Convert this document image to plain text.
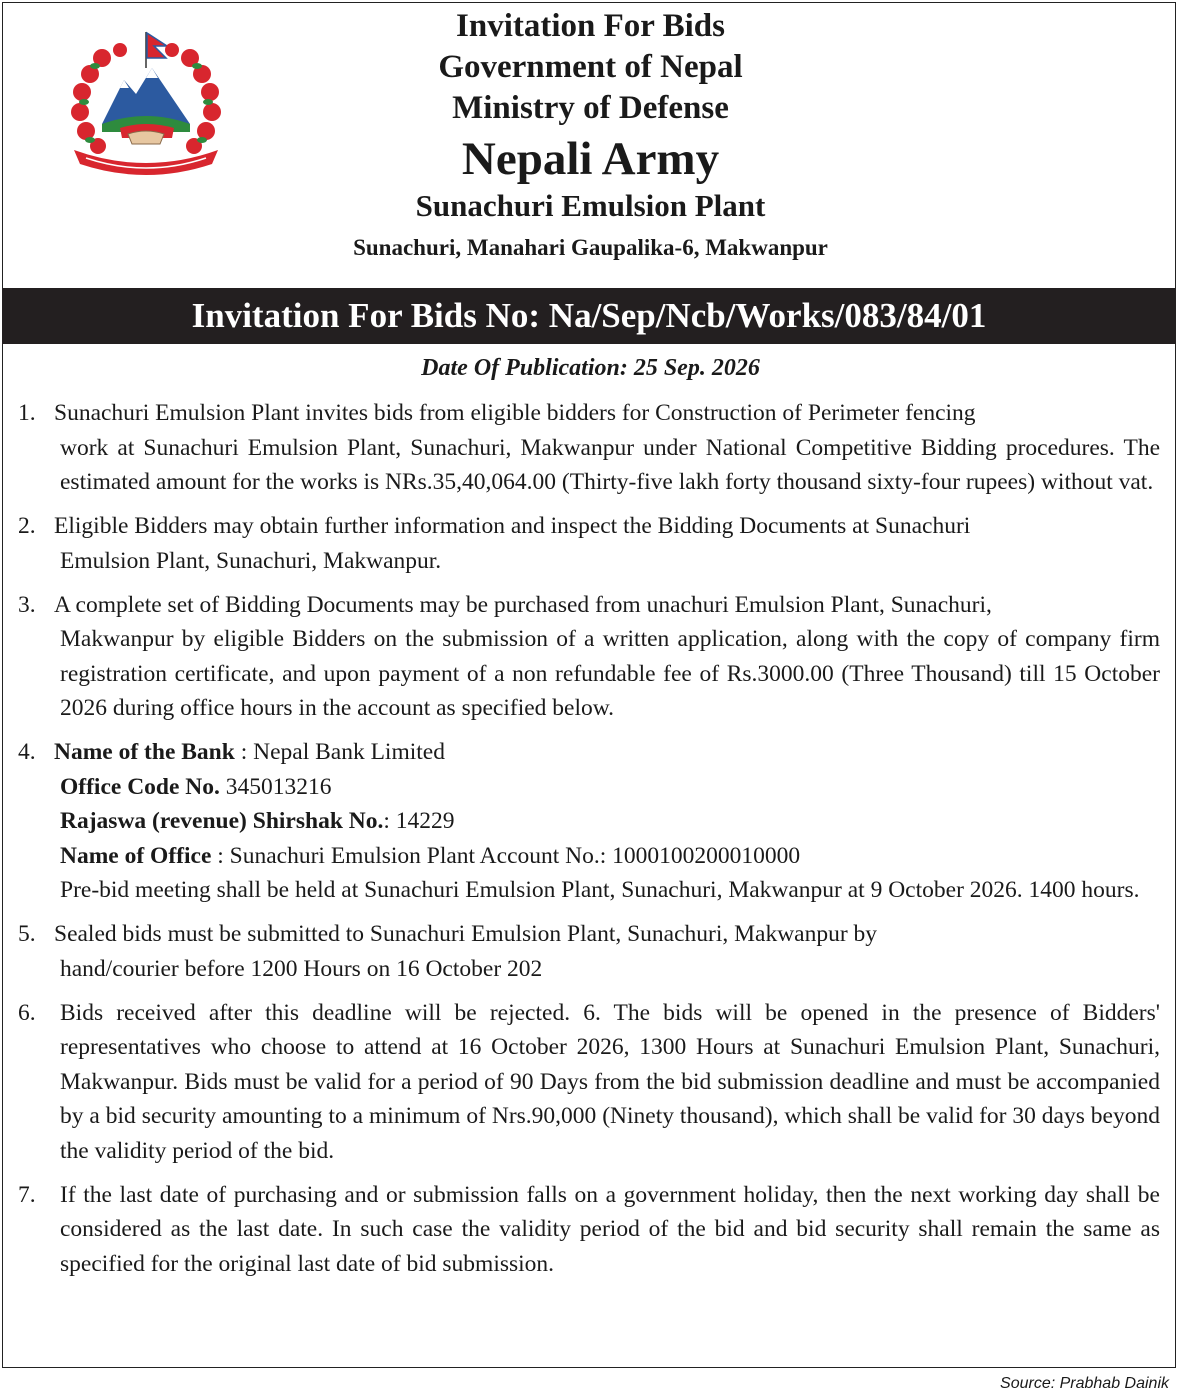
Invitation For Bids
Government of Nepal
Ministry of Defense
Nepali Army
Sunachuri Emulsion Plant
Sunachuri, Manahari Gaupalika-6, Makwanpur
Invitation For Bids No: Na/Sep/Ncb/Works/083/84/01
Date Of Publication: 25 Sep. 2026
1. Sunachuri Emulsion Plant invites bids from eligible bidders for Construction of Perimeter fencing
work at Sunachuri Emulsion Plant, Sunachuri, Makwanpur under National Competitive Bidding procedures. The estimated amount for the works is NRs.35,40,064.00 (Thirty-five lakh forty thousand sixty-four rupees) without vat.
2. Eligible Bidders may obtain further information and inspect the Bidding Documents at Sunachuri
Emulsion Plant, Sunachuri, Makwanpur.
3. A complete set of Bidding Documents may be purchased from unachuri Emulsion Plant, Sunachuri,
Makwanpur by eligible Bidders on the submission of a written application, along with the copy of company firm registration certificate, and upon payment of a non refundable fee of Rs.3000.00 (Three Thousand) till 15 October 2026 during office hours in the account as specified below.
4. Name of the Bank : Nepal Bank Limited
Office Code No. 345013216
Rajaswa (revenue) Shirshak No.: 14229
Name of Office : Sunachuri Emulsion Plant Account No.: 1000100200010000
Pre-bid meeting shall be held at Sunachuri Emulsion Plant, Sunachuri, Makwanpur at 9 October 2026. 1400 hours.
5. Sealed bids must be submitted to Sunachuri Emulsion Plant, Sunachuri, Makwanpur by
hand/courier before 1200 Hours on 16 October 202
6.	Bids received after this deadline will be rejected. 6. The bids will be opened in the presence of Bidders' representatives who choose to attend at 16 October 2026, 1300 Hours at Sunachuri Emulsion Plant, Sunachuri, Makwanpur. Bids must be valid for a period of 90 Days from the bid submission deadline and must be accompanied by a bid security amounting to a minimum of Nrs.90,000 (Ninety thousand), which shall be valid for 30 days beyond the validity period of the bid.
7.	If the last date of purchasing and or submission falls on a government holiday, then the next working day shall be considered as the last date. In such case the validity period of the bid and bid security shall remain the same as specified for the original last date of bid submission.
Source: Prabhab Dainik
